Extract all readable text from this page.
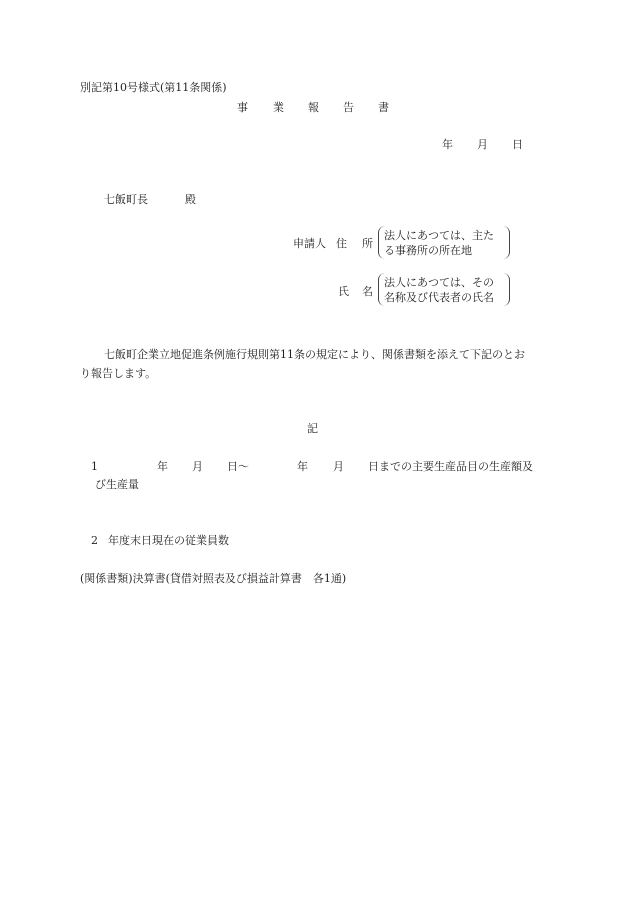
別記第10号様式(第11条関係)
事 業 報 告 書
年 月 日
七飯町長	殿
申請人 住 所
法人にあつては、主た
る事務所の所在地
氏 名
法人にあつては、その
名称及び代表者の氏名
七飯町企業立地促進条例施行規則第11条の規定により、関係書類を添えて下記のとお
り報告します。
記
1	年 月 日〜	年 月 日までの主要生産品目の生産額及
び生産量
2 年度末日現在の従業員数
(関係書類)決算書(貸借対照表及び損益計算書　各1通)
